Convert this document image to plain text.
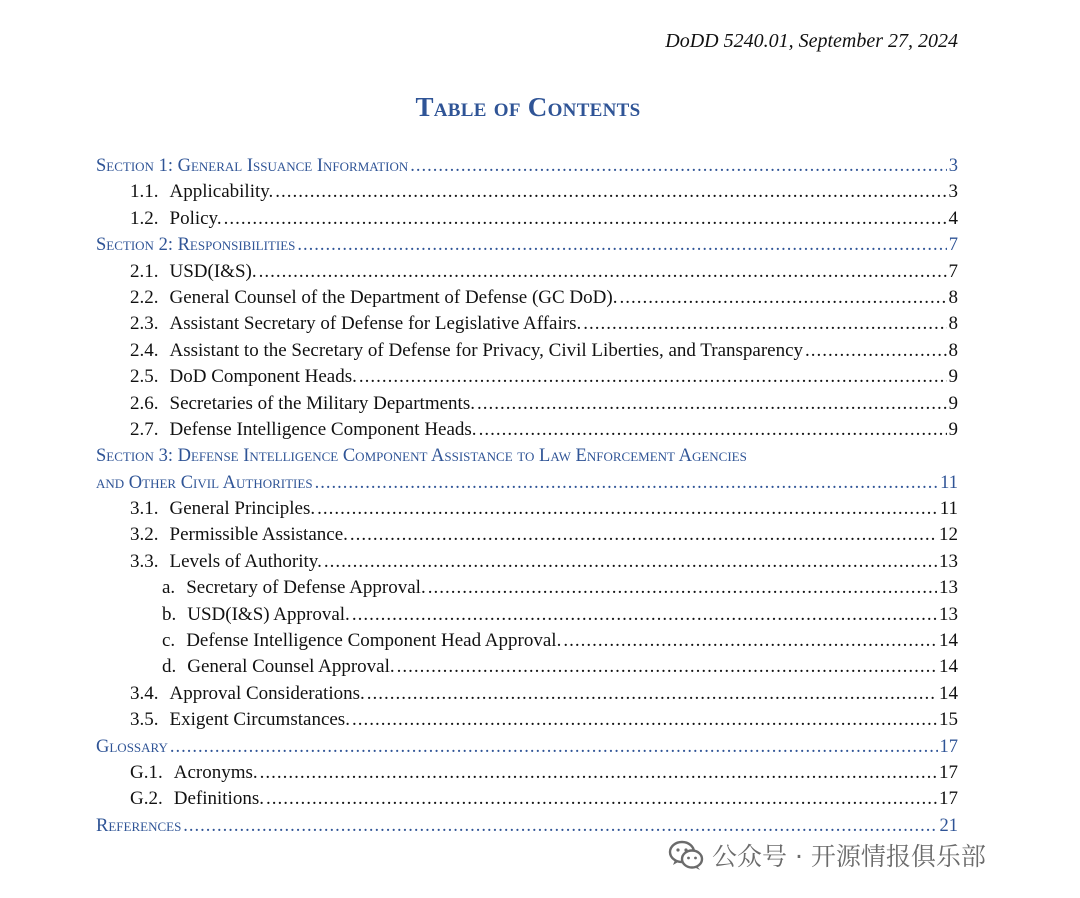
DoDD 5240.01, September 27, 2024
Table of Contents
Section 1: General Issuance Information .....	3
1.1. Applicability. .....	3
1.2. Policy. .....	4
Section 2: Responsibilities .....	7
2.1. USD(I&S). .....	7
2.2. General Counsel of the Department of Defense (GC DoD). .....	8
2.3. Assistant Secretary of Defense for Legislative Affairs. .....	8
2.4. Assistant to the Secretary of Defense for Privacy, Civil Liberties, and Transparency .....	8
2.5. DoD Component Heads. .....	9
2.6. Secretaries of the Military Departments. .....	9
2.7. Defense Intelligence Component Heads. .....	9
Section 3: Defense Intelligence Component Assistance to Law Enforcement Agencies
and Other Civil Authorities .....	11
3.1. General Principles. .....	11
3.2. Permissible Assistance. .....	12
3.3. Levels of Authority. .....	13
a. Secretary of Defense Approval. .....	13
b. USD(I&S) Approval. .....	13
c. Defense Intelligence Component Head Approval. .....	14
d. General Counsel Approval. .....	14
3.4. Approval Considerations. .....	14
3.5. Exigent Circumstances. .....	15
Glossary .....	17
G.1. Acronyms. .....	17
G.2. Definitions. .....	17
References .....	21
公众号 · 开源情报俱乐部
